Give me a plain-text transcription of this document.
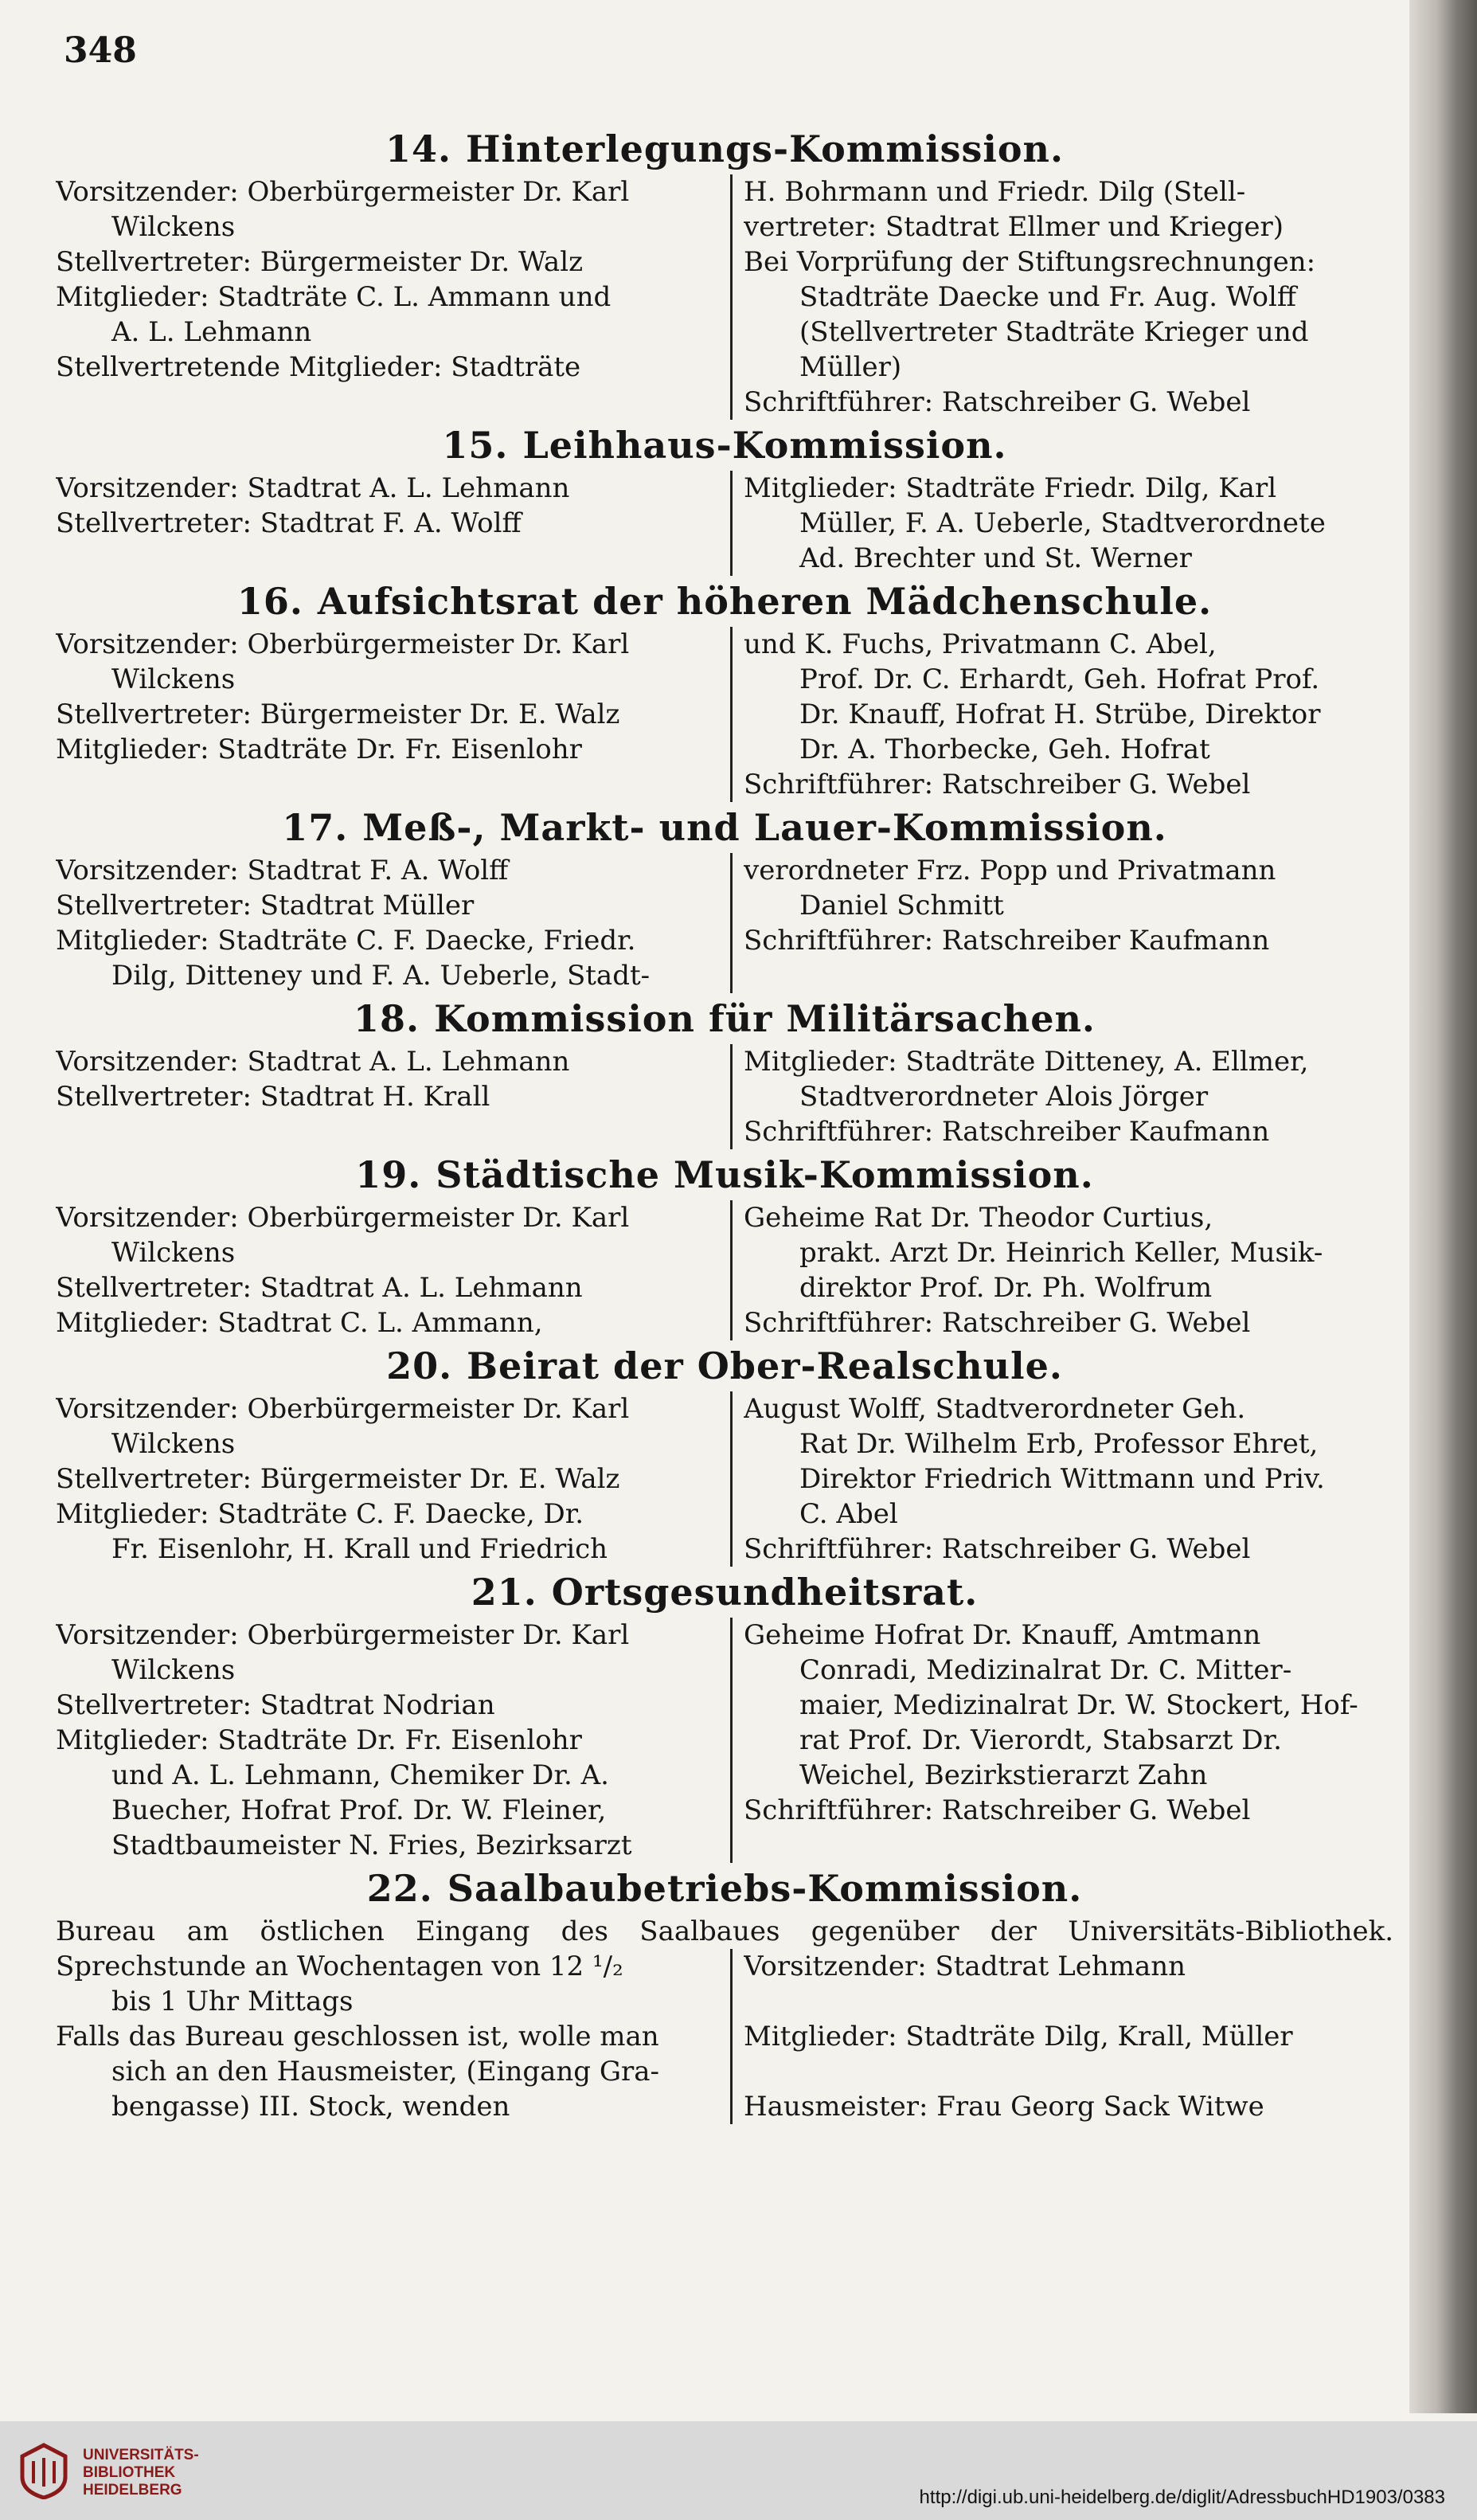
348
14. Hinterlegungs-Kommission.
Vorsitzender: Oberbürgermeister Dr. Karl
Wilckens
Stellvertreter: Bürgermeister Dr. Walz
Mitglieder: Stadträte C. L. Ammann und
A. L. Lehmann
Stellvertretende Mitglieder: Stadträte
H. Bohrmann und Friedr. Dilg (Stell-
vertreter: Stadtrat Ellmer und Krieger)
Bei Vorprüfung der Stiftungsrechnungen:
Stadträte Daecke und Fr. Aug. Wolff
(Stellvertreter Stadträte Krieger und
Müller)
Schriftführer: Ratschreiber G. Webel
15. Leihhaus-Kommission.
Vorsitzender: Stadtrat A. L. Lehmann
Stellvertreter: Stadtrat F. A. Wolff
Mitglieder: Stadträte Friedr. Dilg, Karl
Müller, F. A. Ueberle, Stadtverordnete
Ad. Brechter und St. Werner
16. Aufsichtsrat der höheren Mädchenschule.
Vorsitzender: Oberbürgermeister Dr. Karl
Wilckens
Stellvertreter: Bürgermeister Dr. E. Walz
Mitglieder: Stadträte Dr. Fr. Eisenlohr
und K. Fuchs, Privatmann C. Abel,
Prof. Dr. C. Erhardt, Geh. Hofrat Prof.
Dr. Knauff, Hofrat H. Strübe, Direktor
Dr. A. Thorbecke, Geh. Hofrat
Schriftführer: Ratschreiber G. Webel
17. Meß-, Markt- und Lauer-Kommission.
Vorsitzender: Stadtrat F. A. Wolff
Stellvertreter: Stadtrat Müller
Mitglieder: Stadträte C. F. Daecke, Friedr.
Dilg, Ditteney und F. A. Ueberle, Stadt-
verordneter Frz. Popp und Privatmann
Daniel Schmitt
Schriftführer: Ratschreiber Kaufmann
18. Kommission für Militärsachen.
Vorsitzender: Stadtrat A. L. Lehmann
Stellvertreter: Stadtrat H. Krall
Mitglieder: Stadträte Ditteney, A. Ellmer,
Stadtverordneter Alois Jörger
Schriftführer: Ratschreiber Kaufmann
19. Städtische Musik-Kommission.
Vorsitzender: Oberbürgermeister Dr. Karl
Wilckens
Stellvertreter: Stadtrat A. L. Lehmann
Mitglieder: Stadtrat C. L. Ammann,
Geheime Rat Dr. Theodor Curtius,
prakt. Arzt Dr. Heinrich Keller, Musik-
direktor Prof. Dr. Ph. Wolfrum
Schriftführer: Ratschreiber G. Webel
20. Beirat der Ober-Realschule.
Vorsitzender: Oberbürgermeister Dr. Karl
Wilckens
Stellvertreter: Bürgermeister Dr. E. Walz
Mitglieder: Stadträte C. F. Daecke, Dr.
Fr. Eisenlohr, H. Krall und Friedrich
August Wolff, Stadtverordneter Geh.
Rat Dr. Wilhelm Erb, Professor Ehret,
Direktor Friedrich Wittmann und Priv.
C. Abel
Schriftführer: Ratschreiber G. Webel
21. Ortsgesundheitsrat.
Vorsitzender: Oberbürgermeister Dr. Karl
Wilckens
Stellvertreter: Stadtrat Nodrian
Mitglieder: Stadträte Dr. Fr. Eisenlohr
und A. L. Lehmann, Chemiker Dr. A.
Buecher, Hofrat Prof. Dr. W. Fleiner,
Stadtbaumeister N. Fries, Bezirksarzt
Geheime Hofrat Dr. Knauff, Amtmann
Conradi, Medizinalrat Dr. C. Mitter-
maier, Medizinalrat Dr. W. Stockert, Hof-
rat Prof. Dr. Vierordt, Stabsarzt Dr.
Weichel, Bezirkstierarzt Zahn
Schriftführer: Ratschreiber G. Webel
22. Saalbaubetriebs-Kommission.
Bureau am östlichen Eingang des Saalbaues gegenüber der Universitäts-Bibliothek.
Sprechstunde an Wochentagen von 12 ¹/₂
bis 1 Uhr Mittags
Falls das Bureau geschlossen ist, wolle man
sich an den Hausmeister, (Eingang Gra-
bengasse) III. Stock, wenden
Vorsitzender: Stadtrat Lehmann
Mitglieder: Stadträte Dilg, Krall, Müller
Hausmeister: Frau Georg Sack Witwe
UNIVERSITÄTS-
BIBLIOTHEK
HEIDELBERG	http://digi.ub.uni-heidelberg.de/diglit/AdressbuchHD1903/0383
